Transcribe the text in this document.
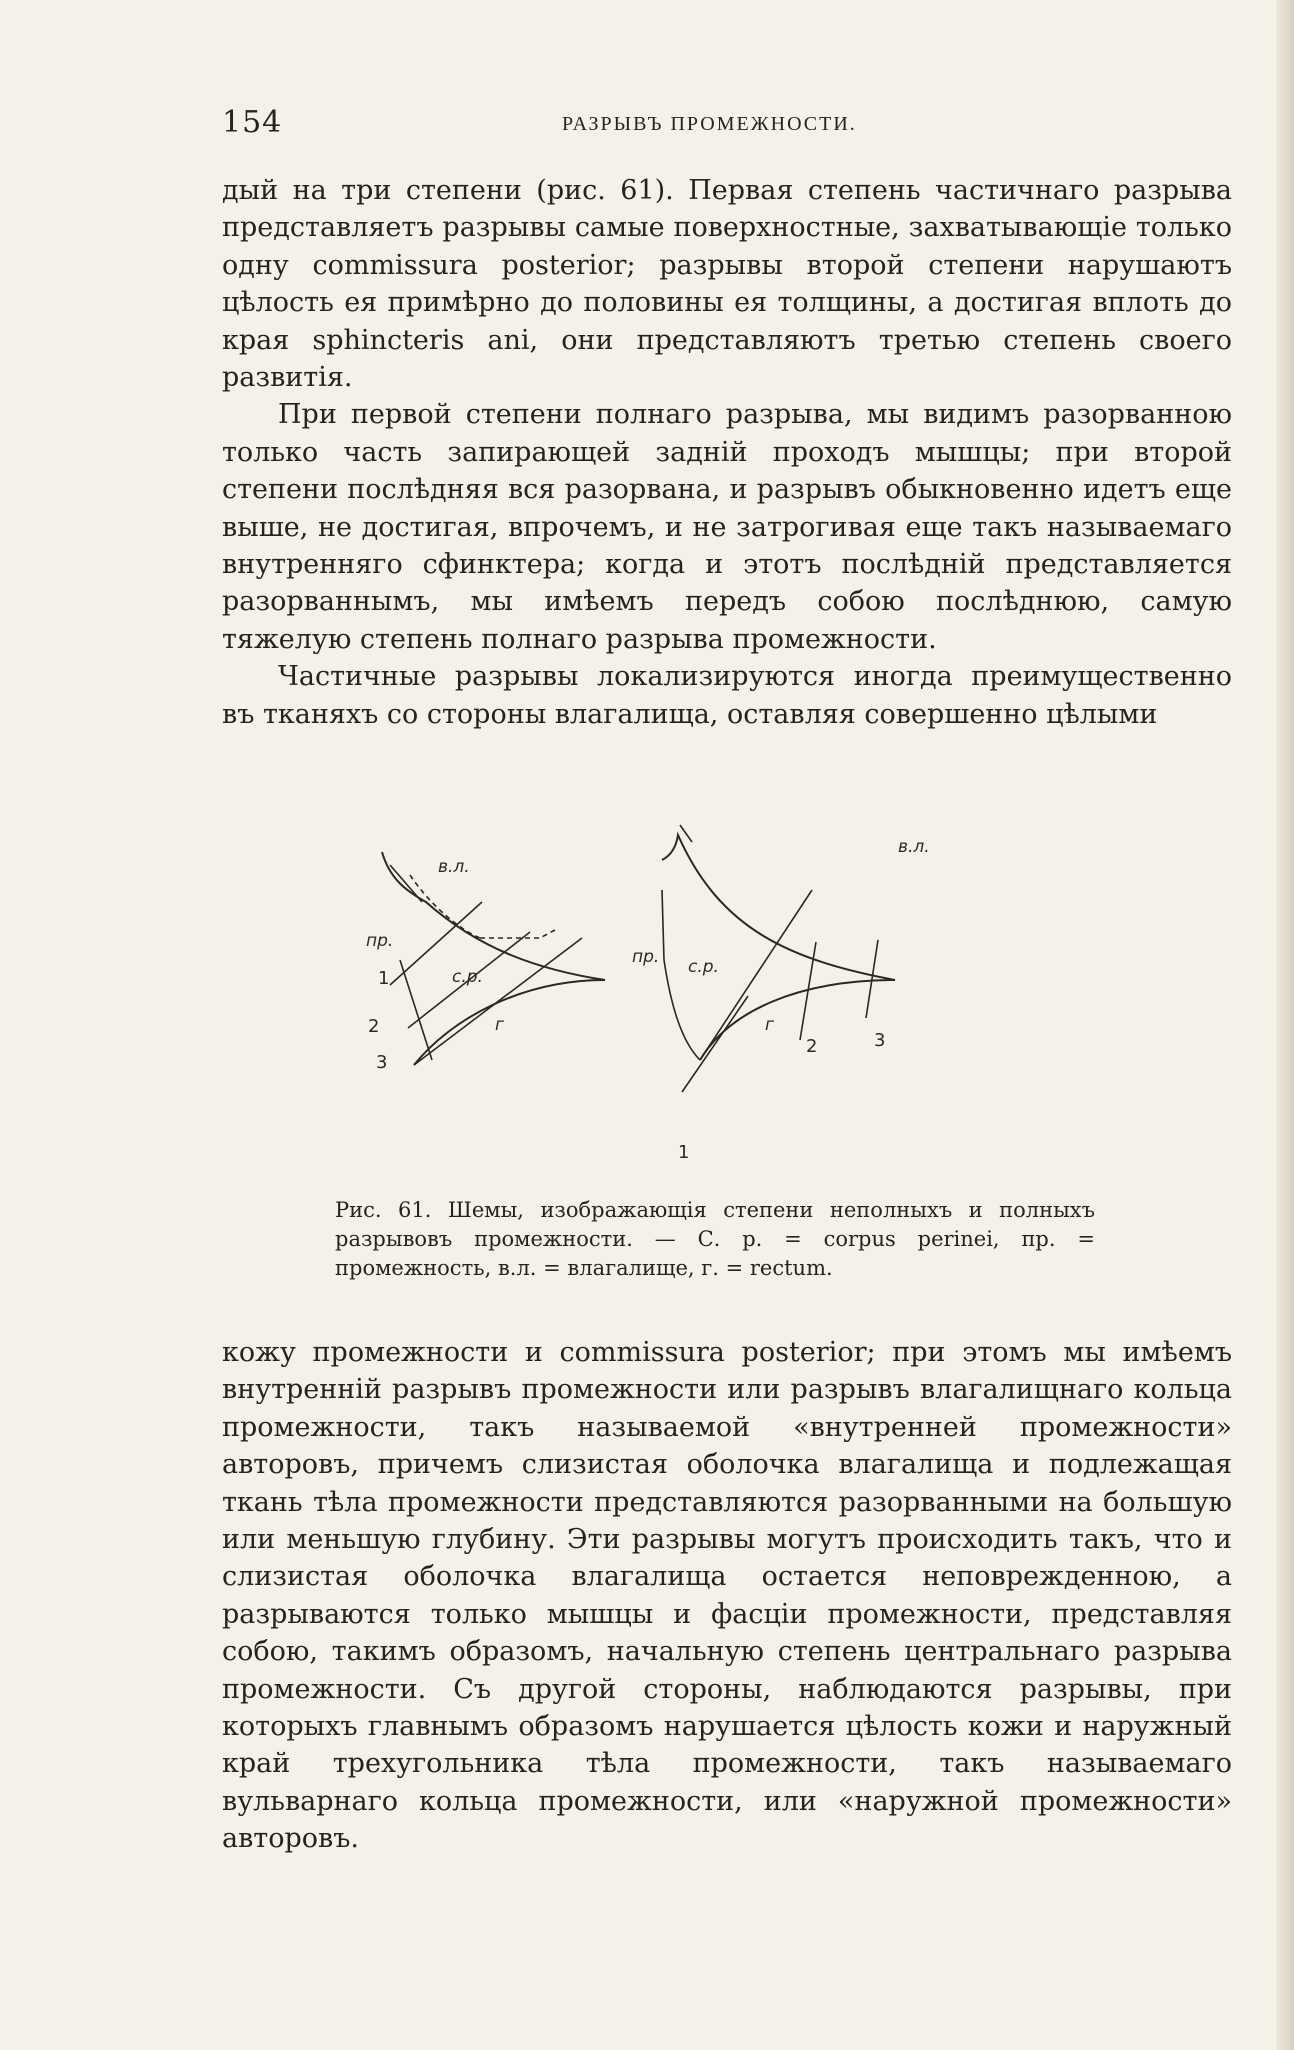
154	РАЗРЫВЪ ПРОМЕЖНОСТИ.

дый на три степени (рис. 61). Первая степень частичнаго разрыва представляетъ разрывы самые поверхностные, захватывающіе только одну commissura posterior; разрывы второй степени нарушаютъ цѣлость ея примѣрно до половины ея толщины, а достигая вплоть до края sphincteris ani, они представляютъ третью степень своего развитія.

При первой степени полнаго разрыва, мы видимъ разорванною только часть запирающей заднiй проходъ мышцы; при второй степени послѣдняя вся разорвана, и разрывъ обыкновенно идетъ еще выше, не достигая, впрочемъ, и не затрогивая еще такъ называемаго внутренняго сфинктера; когда и этотъ послѣднiй представляется разорваннымъ, мы имѣемъ передъ собою послѣднюю, самую тяжелую степень полнаго разрыва промежности.

Частичные разрывы локализируются иногда преимущественно въ тканяхъ со стороны влагалища, оставляя совершенно цѣлыми

в.л.
пр.
с.р.
г
1
2
3
в.л.
пр. с.р.
г
1
2	3

Рис. 61. Шемы, изображающія степени неполныхъ и полныхъ разрывовъ промежности. — С. р. = corpus perinei, пр. = промежность, в.л. = влагалище, г. = rectum.

кожу промежности и commissura posterior; при этомъ мы имѣемъ внутреннiй разрывъ промежности или разрывъ влагалищнаго кольца промежности, такъ называемой «внутренней промежности» авторовъ, причемъ слизистая оболочка влагалища и подлежащая ткань тѣла промежности представляются разорванными на большую или меньшую глубину. Эти разрывы могутъ происходить такъ, что и слизистая оболочка влагалища остается неповрежденною, а разрываются только мышцы и фасціи промежности, представляя собою, такимъ образомъ, начальную степень центральнаго разрыва промежности. Съ другой стороны, наблюдаются разрывы, при которыхъ главнымъ образомъ нарушается цѣлость кожи и наружный край трехугольника тѣла промежности, такъ называемаго вульварнаго кольца промежности, или «наружной промежности» авторовъ.
